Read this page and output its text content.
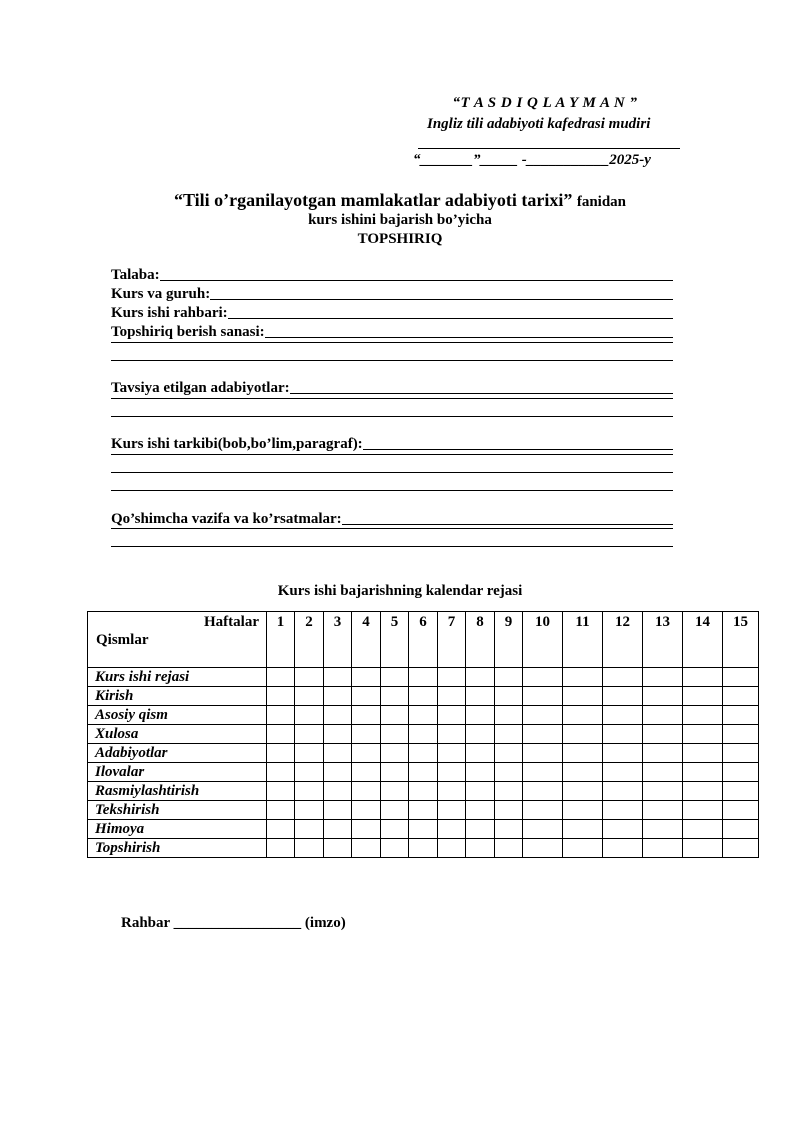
“T A S D I Q L A Y M A N ”
Ingliz tili adabiyoti kafedrasi mudiri
“_______”_____ -___________2025-y
“Tili o’rganilayotgan mamlakatlar adabiyoti tarixi” fanidan
kurs ishini bajarish bo’yicha
TOPSHIRIQ
Talaba:
Kurs va guruh:
Kurs ishi rahbari:
Topshiriq berish sanasi:
Tavsiya etilgan adabiyotlar:
Kurs ishi tarkibi(bob,bo’lim,paragraf):
Qo’shimcha vazifa va ko’rsatmalar:
Kurs ishi bajarishning kalendar rejasi
Haftalar
Qismlar	1	2	3	4	5	6	7	8	9	10	11	12	13	14	15
Kurs ishi rejasi															
Kirish															
Asosiy qism															
Xulosa															
Adabiyotlar															
Ilovalar															
Rasmiylashtirish															
Tekshirish															
Himoya															
Topshirish															
Rahbar _________________ (imzo)
